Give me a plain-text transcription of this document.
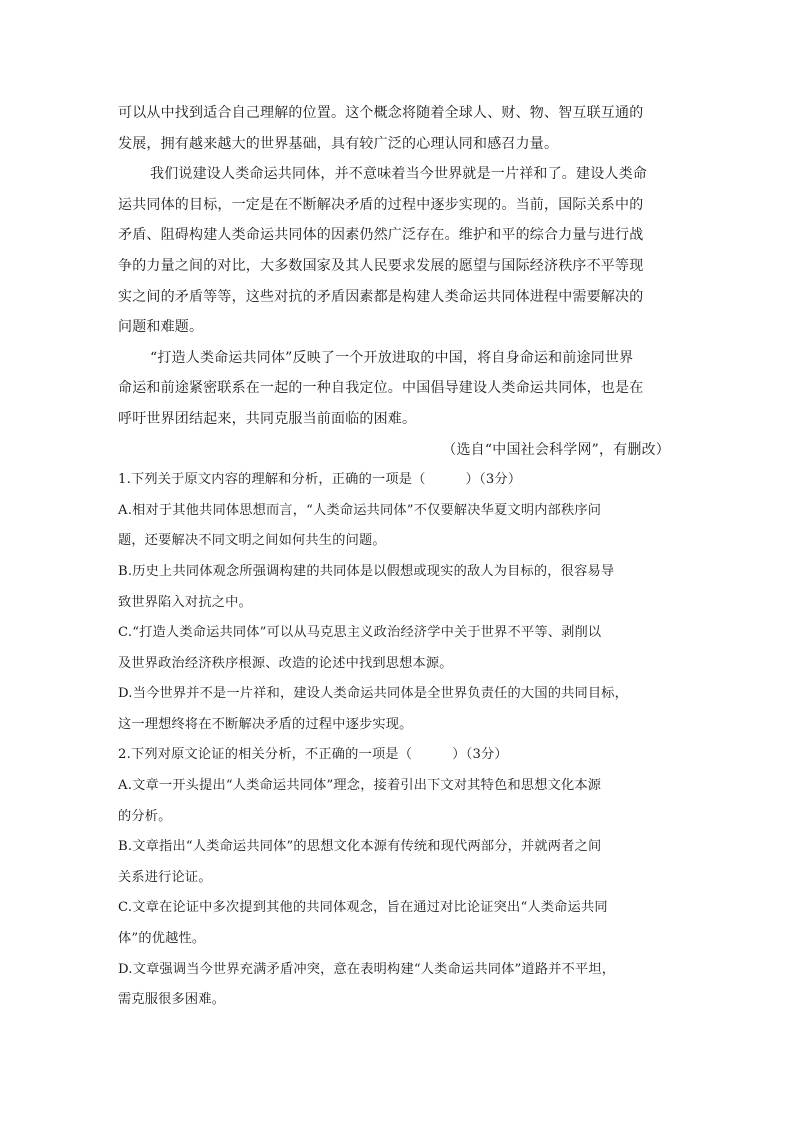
可以从中找到适合自己理解的位置。这个概念将随着全球人、财、物、智互联互通的
发展，拥有越来越大的世界基础，具有较广泛的心理认同和感召力量。
我们说建设人类命运共同体，并不意味着当今世界就是一片祥和了。建设人类命
运共同体的目标，一定是在不断解决矛盾的过程中逐步实现的。当前，国际关系中的
矛盾、阻碍构建人类命运共同体的因素仍然广泛存在。维护和平的综合力量与进行战
争的力量之间的对比，大多数国家及其人民要求发展的愿望与国际经济秩序不平等现
实之间的矛盾等等，这些对抗的矛盾因素都是构建人类命运共同体进程中需要解决的
问题和难题。
“打造人类命运共同体”反映了一个开放进取的中国，将自身命运和前途同世界
命运和前途紧密联系在一起的一种自我定位。中国倡导建设人类命运共同体，也是在
呼吁世界团结起来，共同克服当前面临的困难。
（选自“中国社会科学网”，有删改）
1.下列关于原文内容的理解和分析，正确的一项是（　　　）（3分）
A.相对于其他共同体思想而言，“人类命运共同体”不仅要解决华夏文明内部秩序问
题，还要解决不同文明之间如何共生的问题。
B.历史上共同体观念所强调构建的共同体是以假想或现实的敌人为目标的，很容易导
致世界陷入对抗之中。
C.“打造人类命运共同体”可以从马克思主义政治经济学中关于世界不平等、剥削以
及世界政治经济秩序根源、改造的论述中找到思想本源。
D.当今世界并不是一片祥和，建设人类命运共同体是全世界负责任的大国的共同目标，
这一理想终将在不断解决矛盾的过程中逐步实现。
2.下列对原文论证的相关分析，不正确的一项是（　　　）（3分）
A.文章一开头提出“人类命运共同体”理念，接着引出下文对其特色和思想文化本源
的分析。
B.文章指出“人类命运共同体”的思想文化本源有传统和现代两部分，并就两者之间
关系进行论证。
C.文章在论证中多次提到其他的共同体观念，旨在通过对比论证突出“人类命运共同
体”的优越性。
D.文章强调当今世界充满矛盾冲突，意在表明构建“人类命运共同体”道路并不平坦，
需克服很多困难。
